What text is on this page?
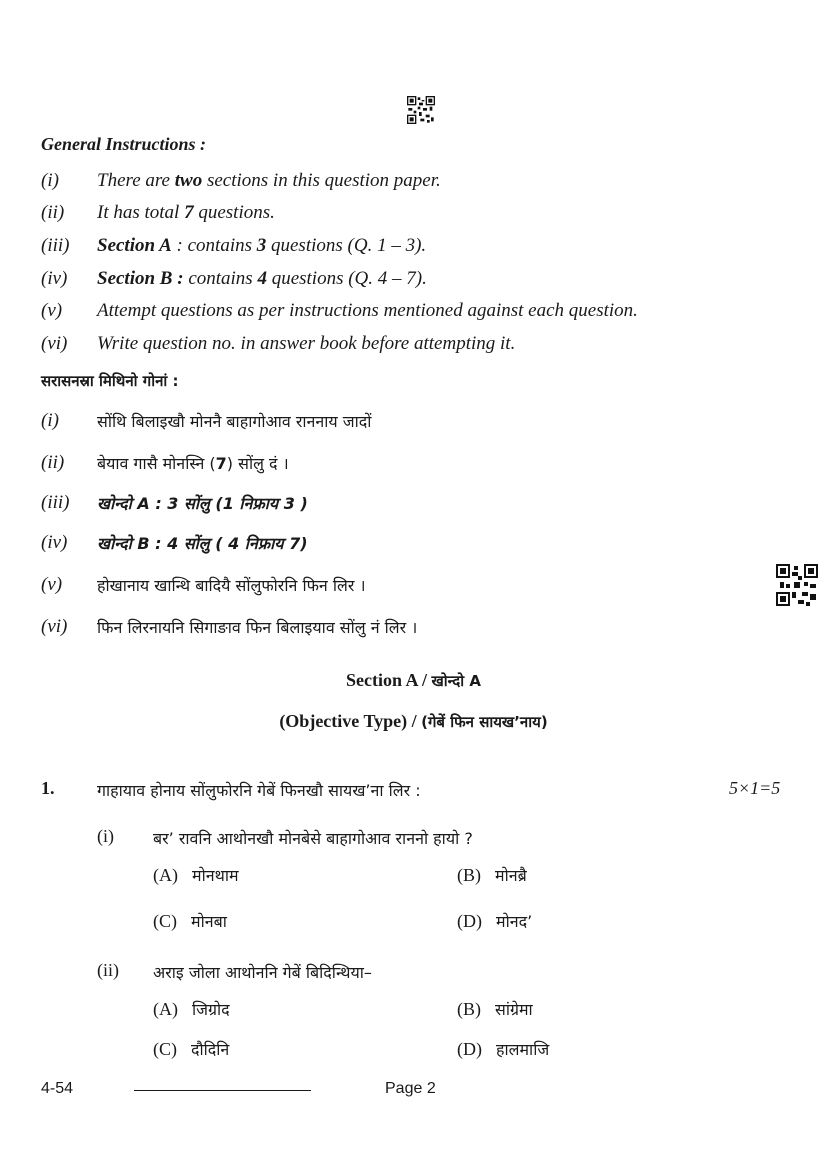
General Instructions :
(i) There are two sections in this question paper.
(ii) It has total 7 questions.
(iii) Section A : contains 3 questions (Q. 1 – 3).
(iv) Section B : contains 4 questions (Q. 4 – 7).
(v) Attempt questions as per instructions mentioned against each question.
(vi) Write question no. in answer book before attempting it.
सरासनस्रा मिथिनो गोनां :
(i) सोंथि बिलाइखौ मोननै बाहागोआव राननाय जादों
(ii) बेयाव गासै मोनस्नि (7) सोंलु दं ।
(iii) खोन्दो A : 3 सोंलु (1 निफ्राय 3 )
(iv) खोन्दो B : 4 सोंलु ( 4 निफ्राय 7)
(v) होखानाय खान्थि बादियै सोंलुफोरनि फिन लिर ।
(vi) फिन लिरनायनि सिगाङाव फिन बिलाइयाव सोंलु नं लिर ।
Section A / खोन्दो A
(Objective Type) / (गेबें फिन सायख’नाय)
1.	गाहायाव होनाय सोंलुफोरनि गेबें फिनखौ सायख’ना लिर :	5×1=5
(i) बर’ रावनि आथोनखौ मोनबेसे बाहागोआव राननो हायो ?
(A) मोनथाम	(B) मोनब्रै
(C) मोनबा	(D) मोनद’
(ii) अराइ जोला आथोननि गेबें बिदिन्थिया–
(A) जिग्रोद	(B) सांग्रेमा
(C) दौदिनि	(D) हालमाजि
4-54	Page 2
